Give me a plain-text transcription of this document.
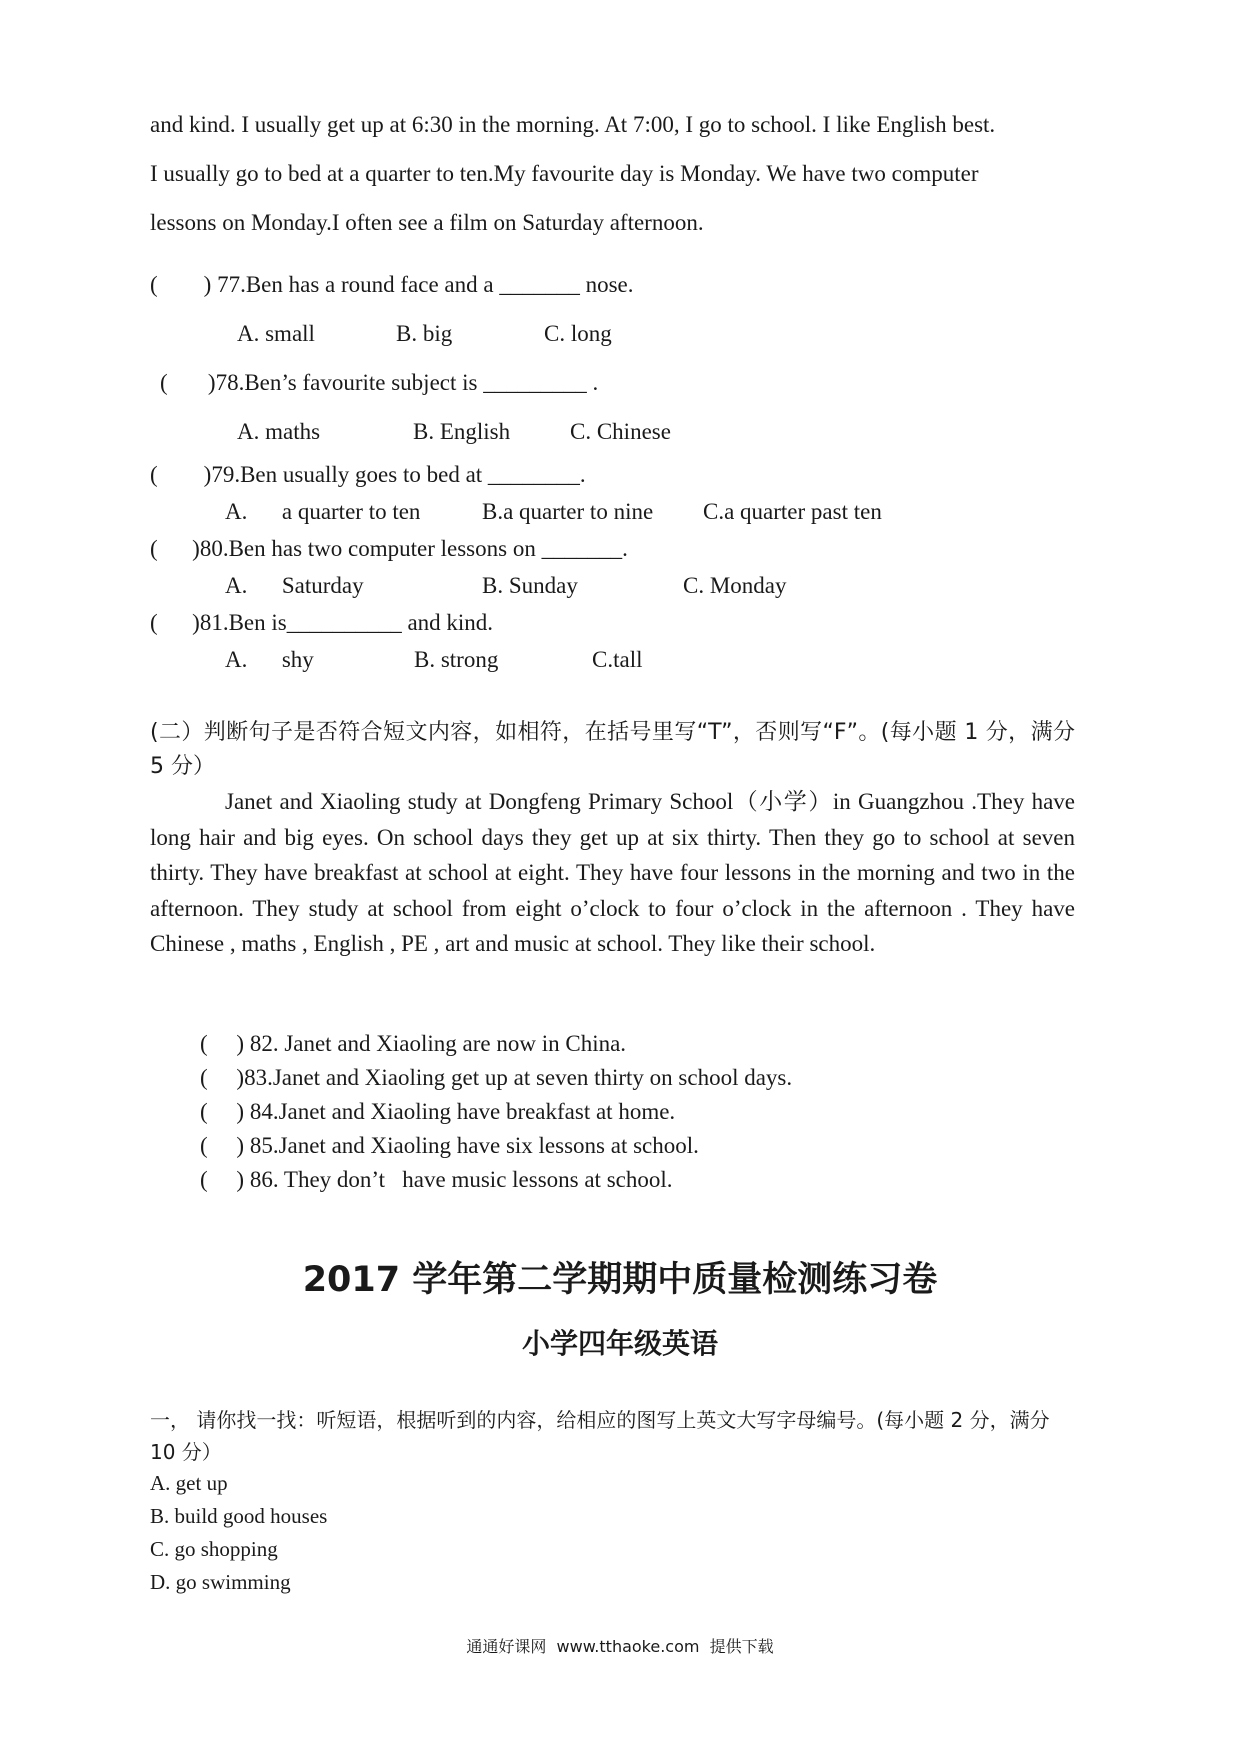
and kind. I usually get up at 6:30 in the morning. At 7:00, I go to school. I like English best.
I usually go to bed at a quarter to ten.My favourite day is Monday. We have two computer
lessons on Monday.I often see a film on Saturday afternoon.
(        ) 77.Ben has a round face and a _______ nose.
A. small	B. big	C. long
(       )78.Ben’s favourite subject is _________ .
A. maths	B. English	C. Chinese
(        )79.Ben usually goes to bed at ________.
A.      a quarter to ten	B.a quarter to nine C.a quarter past ten
(      )80.Ben has two computer lessons on _______.
A.      Saturday	B. Sunday	C. Monday
(      )81.Ben is__________ and kind.
A.      shy	B. strong	C.tall
(二）判断句子是否符合短文内容，如相符，在括号里写“T”，否则写“F”。(每小题 1 分，满分 5 分）
Janet and Xiaoling study at Dongfeng Primary School（小学）in Guangzhou .They have long hair and big eyes. On school days they get up at six thirty. Then they go to school at seven thirty. They have breakfast at school at eight. They have four lessons in the morning and two in the afternoon. They study at school from eight o’clock to four o’clock in the afternoon . They have Chinese , maths , English , PE , art and music at school. They like their school.
(     ) 82. Janet and Xiaoling are now in China.
(     )83.Janet and Xiaoling get up at seven thirty on school days.
(     ) 84.Janet and Xiaoling have breakfast at home.
(     ) 85.Janet and Xiaoling have six lessons at school.
(     ) 86. They don’t   have music lessons at school.
2017 学年第二学期期中质量检测练习卷
小学四年级英语
一， 请你找一找：听短语，根据听到的内容，给相应的图写上英文大写字母编号。(每小题 2 分，满分 10 分）
A. get up
B. build good houses
C. go shopping
D. go swimming
通通好课网  www.tthaoke.com  提供下载
